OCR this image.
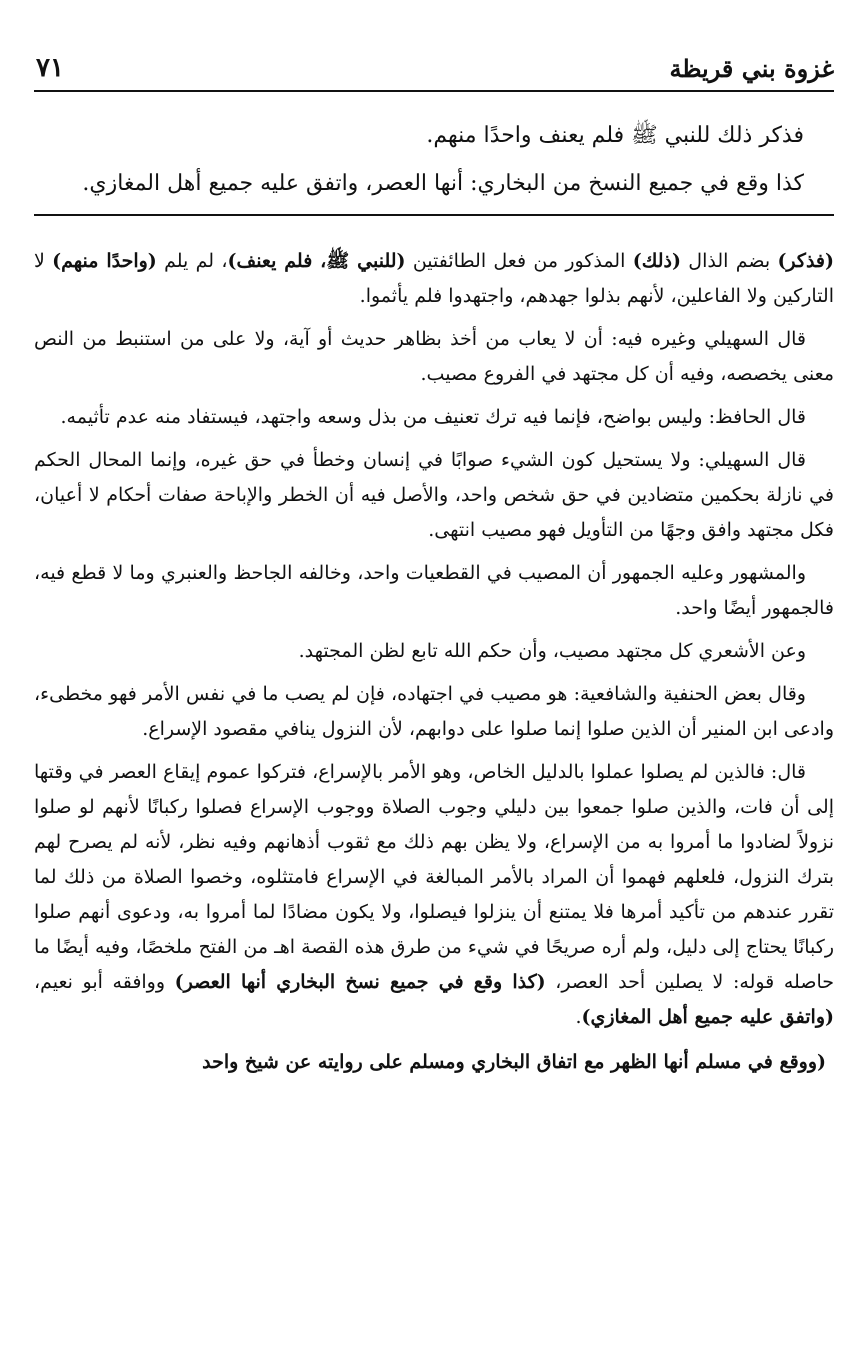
غزوة بني قريظة
٧١

فذكر ذلك للنبي ﷺ فلم يعنف واحدًا منهم.

كذا وقع في جميع النسخ من البخاري: أنها العصر، واتفق عليه جميع أهل المغازي.

(فذكر) بضم الذال (ذلك) المذكور من فعل الطائفتين (للنبي ﷺ، فلم يعنف)، لم يلم (واحدًا منهم) لا التاركين ولا الفاعلين، لأنهم بذلوا جهدهم، واجتهدوا فلم يأثموا.

قال السهيلي وغيره فيه: أن لا يعاب من أخذ بظاهر حديث أو آية، ولا على من استنبط من النص معنى يخصصه، وفيه أن كل مجتهد في الفروع مصيب.

قال الحافظ: وليس بواضح، فإنما فيه ترك تعنيف من بذل وسعه واجتهد، فيستفاد منه عدم تأثيمه.

قال السهيلي: ولا يستحيل كون الشيء صوابًا في إنسان وخطأ في حق غيره، وإنما المحال الحكم في نازلة بحكمين متضادين في حق شخص واحد، والأصل فيه أن الخطر والإباحة صفات أحكام لا أعيان، فكل مجتهد وافق وجهًا من التأويل فهو مصيب انتهى.

والمشهور وعليه الجمهور أن المصيب في القطعيات واحد، وخالفه الجاحظ والعنبري وما لا قطع فيه، فالجمهور أيضًا واحد.

وعن الأشعري كل مجتهد مصيب، وأن حكم الله تابع لظن المجتهد.

وقال بعض الحنفية والشافعية: هو مصيب في اجتهاده، فإن لم يصب ما في نفس الأمر فهو مخطىء، وادعى ابن المنير أن الذين صلوا إنما صلوا على دوابهم، لأن النزول ينافي مقصود الإسراع.

قال: فالذين لم يصلوا عملوا بالدليل الخاص، وهو الأمر بالإسراع، فتركوا عموم إيقاع العصر في وقتها إلى أن فات، والذين صلوا جمعوا بين دليلي وجوب الصلاة ووجوب الإسراع فصلوا ركبانًا لأنهم لو صلوا نزولاً لضادوا ما أمروا به من الإسراع، ولا يظن بهم ذلك مع ثقوب أذهانهم وفيه نظر، لأنه لم يصرح لهم بترك النزول، فلعلهم فهموا أن المراد بالأمر المبالغة في الإسراع فامتثلوه، وخصوا الصلاة من ذلك لما تقرر عندهم من تأكيد أمرها فلا يمتنع أن ينزلوا فيصلوا، ولا يكون مضادًا لما أمروا به، ودعوى أنهم صلوا ركبانًا يحتاج إلى دليل، ولم أره صريحًا في شيء من طرق هذه القصة اهـ من الفتح ملخصًا، وفيه أيضًا ما حاصله قوله: لا يصلين أحد العصر، (كذا وقع في جميع نسخ البخاري أنها العصر) ووافقه أبو نعيم، (واتفق عليه جميع أهل المغازي).

(ووقع في مسلم أنها الظهر مع اتفاق البخاري ومسلم على روايته عن شيخ واحد
